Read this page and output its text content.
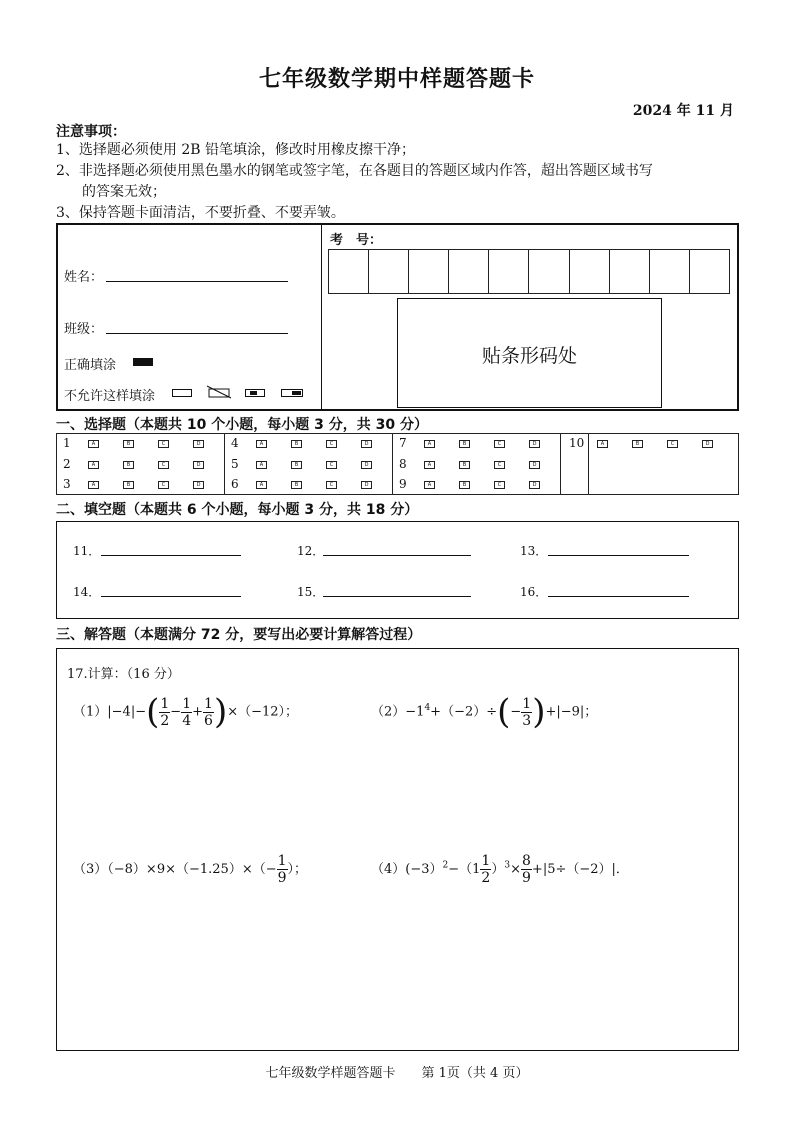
七年级数学期中样题答题卡
2024 年 11 月
注意事项：
1、选择题必须使用 2B 铅笔填涂，修改时用橡皮擦干净；
2、非选择题必须使用黑色墨水的钢笔或签字笔，在各题目的答题区域内作答，超出答题区域书写
的答案无效；
3、保持答题卡面清洁，不要折叠、不要弄皱。
姓名：
班级：
正确填涂
不允许这样填涂
考　号：
贴条形码处
一、选择题（本题共 10 个小题，每小题 3 分，共 30 分）
1	A	B	C	D
2	A	B	C	D
3	A	B	C	D
4	A	B	C	D
5	A	B	C	D
6	A	B	C	D
7	A	B	C	D
8	A	B	C	D
9	A	B	C	D
10	A	B	C	D
二、填空题（本题共 6 个小题，每小题 3 分，共 18 分）
11．	12．	13．
14．	15．	16．
三、解答题（本题满分 72 分，要写出必要计算解答过程）
17.计算：（16 分）
$(1)|-4|-( \frac{1}{2} - \frac{1}{4} + \frac{1}{6} )\times(-12)$；	$(2)-1^4+(-2)\div(- \frac{1}{3} )+|-9|$；
$(3)(-8)\times 9\times(-1.25)\times(- \frac{1}{9}$ ）；	$(4)(-3)^2-(1 \frac{1}{2} )^3\times \frac{8}{9} +|5\div(-2)|$．
七年级数学样题答题卡　　第 1页（共 4 页）
